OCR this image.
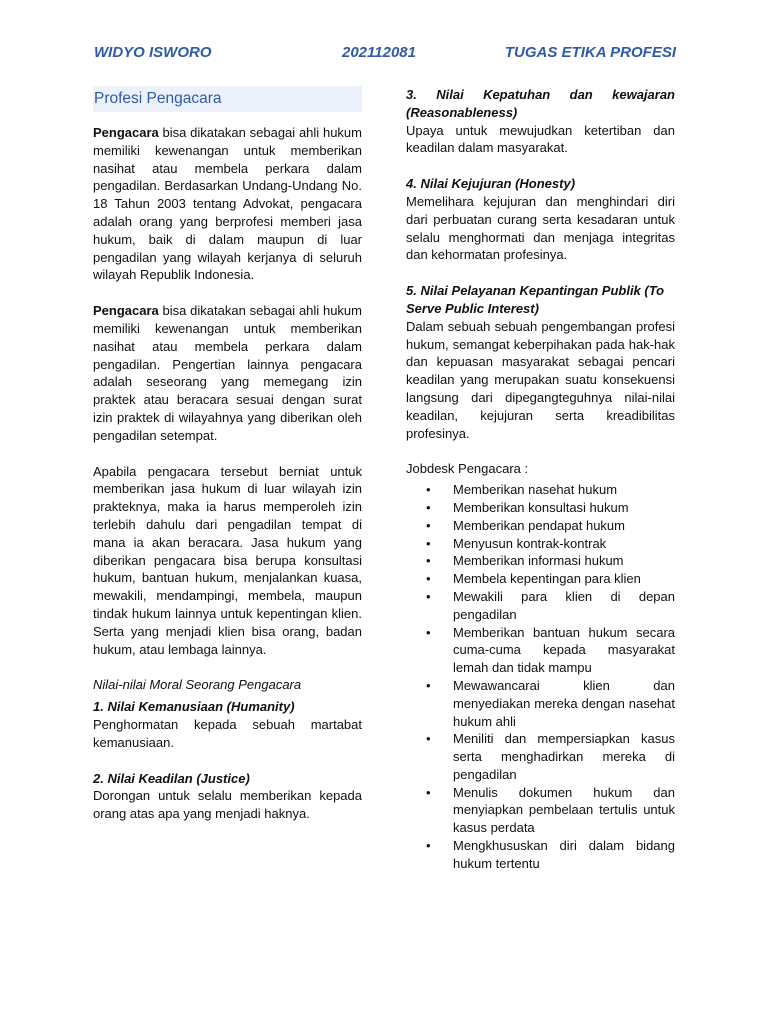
WIDYO ISWORO	202112081	TUGAS ETIKA PROFESI
Profesi Pengacara

Pengacara bisa dikatakan sebagai ahli hukum memiliki kewenangan untuk memberikan nasihat atau membela perkara dalam pengadilan. Berdasarkan Undang-Undang No. 18 Tahun 2003 tentang Advokat, pengacara adalah orang yang berprofesi memberi jasa hukum, baik di dalam maupun di luar pengadilan yang wilayah kerjanya di seluruh wilayah Republik Indonesia.

Pengacara bisa dikatakan sebagai ahli hukum memiliki kewenangan untuk memberikan nasihat atau membela perkara dalam pengadilan. Pengertian lainnya pengacara adalah seseorang yang memegang izin praktek atau beracara sesuai dengan surat izin praktek di wilayahnya yang diberikan oleh pengadilan setempat.

Apabila pengacara tersebut berniat untuk memberikan jasa hukum di luar wilayah izin prakteknya, maka ia harus memperoleh izin terlebih dahulu dari pengadilan tempat di mana ia akan beracara. Jasa hukum yang diberikan pengacara bisa berupa konsultasi hukum, bantuan hukum, menjalankan kuasa, mewakili, mendampingi, membela, maupun tindak hukum lainnya untuk kepentingan klien. Serta yang menjadi klien bisa orang, badan hukum, atau lembaga lainnya.

Nilai-nilai Moral Seorang Pengacara

1. Nilai Kemanusiaan (Humanity)

Penghormatan kepada sebuah martabat kemanusiaan.

2. Nilai Keadilan (Justice)

Dorongan untuk selalu memberikan kepada orang atas apa yang menjadi haknya.

3. Nilai Kepatuhan dan kewajaran (Reasonableness)

Upaya untuk mewujudkan ketertiban dan keadilan dalam masyarakat.

4. Nilai Kejujuran (Honesty)

Memelihara kejujuran dan menghindari diri dari perbuatan curang serta kesadaran untuk selalu menghormati dan menjaga integritas dan kehormatan profesinya.

5. Nilai Pelayanan Kepantingan Publik (To Serve Public Interest)

Dalam sebuah sebuah pengembangan profesi hukum, semangat keberpihakan pada hak-hak dan kepuasan masyarakat sebagai pencari keadilan yang merupakan suatu konsekuensi langsung dari dipegangteguhnya nilai-nilai keadilan, kejujuran serta kreadibilitas profesinya.

Jobdesk Pengacara :

• Memberikan nasehat hukum
• Memberikan konsultasi hukum
• Memberikan pendapat hukum
• Menyusun kontrak-kontrak
• Memberikan informasi hukum
• Membela kepentingan para klien
• Mewakili para klien di depan pengadilan
• Memberikan bantuan hukum secara cuma-cuma kepada masyarakat lemah dan tidak mampu
• Mewawancarai klien dan menyediakan mereka dengan nasehat hukum ahli
• Meniliti dan mempersiapkan kasus serta menghadirkan mereka di pengadilan
• Menulis dokumen hukum dan menyiapkan pembelaan tertulis untuk kasus perdata
• Mengkhususkan diri dalam bidang hukum tertentu
